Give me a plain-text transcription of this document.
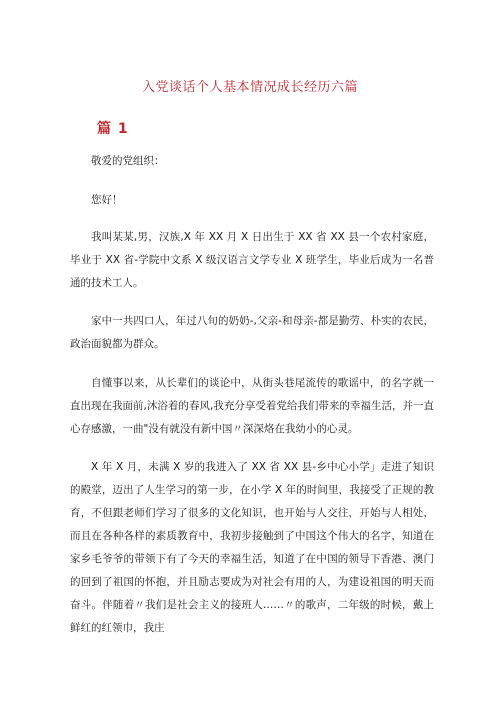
入党谈话个人基本情况成长经历六篇
篇 1

敬爱的党组织：

您好！

我叫某某,男，汉族,X 年 XX 月 X 日出生于 XX 省 XX 县一个农村家庭，毕业于 XX 省-学院中文系 X 级汉语言文学专业 X 班学生，毕业后成为一名普通的技术工人。

家中一共四口人，年过八旬的奶奶-,父亲-和母亲-都是勤劳、朴实的农民，政治面貌都为群众。

自懂事以来，从长辈们的谈论中，从街头巷尾流传的歌谣中，的名字就一直出现在我面前,沐浴着的春风,我充分享受着党给我们带来的幸福生活，并一直心存感激，一曲"没有就没有新中国〃深深烙在我幼小的心灵。

X 年 X 月，未满 X 岁的我进入了 XX 省 XX 县-乡中心小学」走进了知识的殿堂，迈出了人生学习的第一步，在小学 X 年的时间里，我接受了正规的教育，不但跟老师们学习了很多的文化知识，也开始与人交往，开始与人相处，而且在各种各样的素质教育中，我初步接触到了中国这个伟大的名字，知道在家乡毛爷爷的带领下有了今天的幸福生活，知道了在中国的领导下香港、澳门的回到了祖国的怀抱，并且励志要成为对社会有用的人，为建设祖国的明天而奋斗。伴随着〃我们是社会主义的接班人……〃的歌声，二年级的时候，戴上鲜红的红领巾，我庄
